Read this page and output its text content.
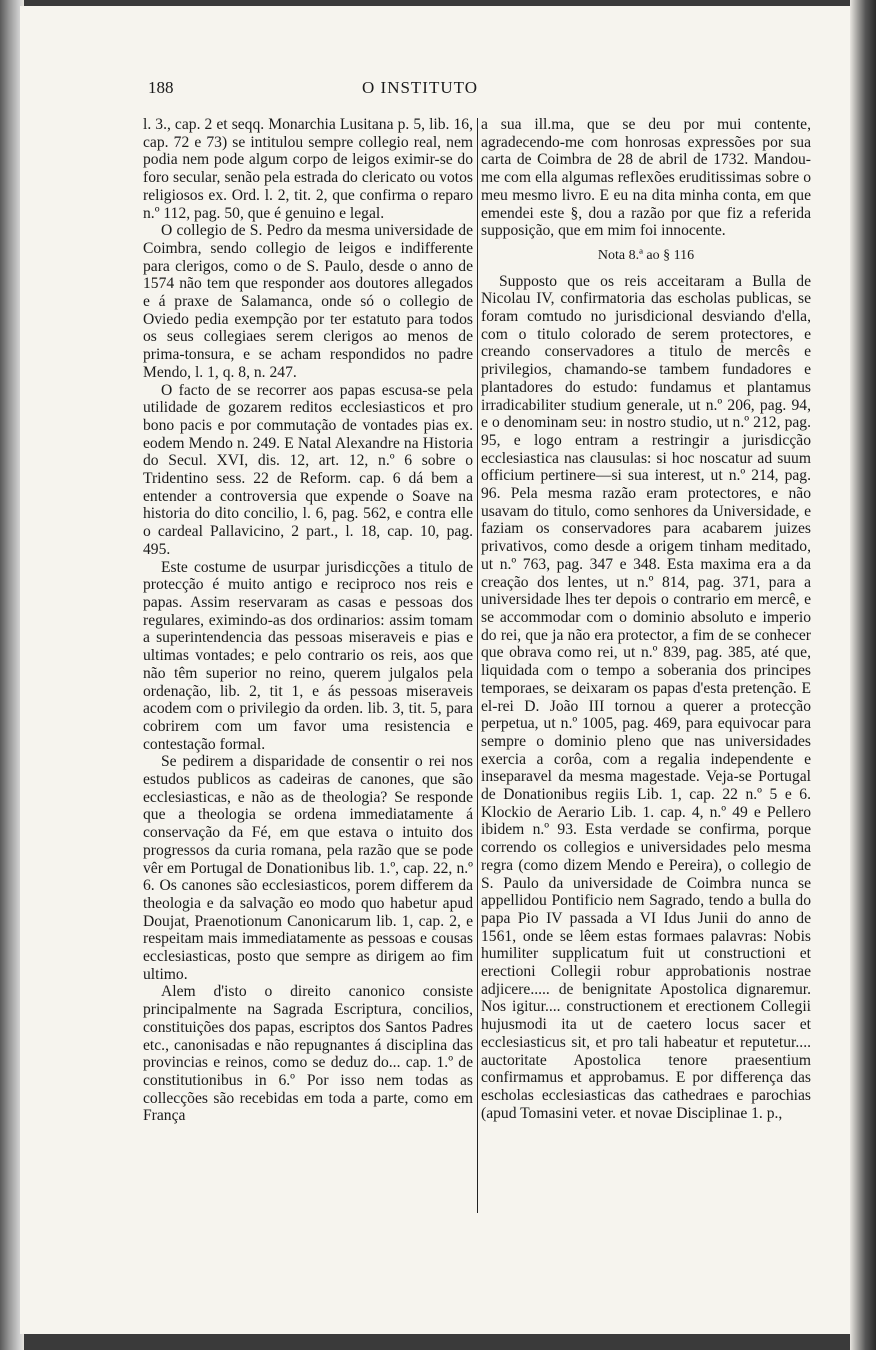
188	O INSTITUTO

l. 3., cap. 2 et seqq. Monarchia Lusitana p. 5, lib. 16, cap. 72 e 73) se intitulou sempre collegio real, nem podia nem pode algum corpo de leigos eximir-se do foro secular, senão pela estrada do clericato ou votos religiosos ex. Ord. l. 2, tit. 2, que confirma o reparo n.º 112, pag. 50, que é genuino e legal.

O collegio de S. Pedro da mesma universidade de Coimbra, sendo collegio de leigos e indifferente para clerigos, como o de S. Paulo, desde o anno de 1574 não tem que responder aos doutores allegados e á praxe de Salamanca, onde só o collegio de Oviedo pedia exempção por ter estatuto para todos os seus collegiaes serem clerigos ao menos de prima-tonsura, e se acham respondidos no padre Mendo, l. 1, q. 8, n. 247.

O facto de se recorrer aos papas escusa-se pela utilidade de gozarem reditos ecclesiasticos et pro bono pacis e por commutação de vontades pias ex. eodem Mendo n. 249. E Natal Alexandre na Historia do Secul. XVI, dis. 12, art. 12, n.º 6 sobre o Tridentino sess. 22 de Reform. cap. 6 dá bem a entender a controversia que expende o Soave na historia do dito concilio, l. 6, pag. 562, e contra elle o cardeal Pallavicino, 2 part., l. 18, cap. 10, pag. 495.

Este costume de usurpar jurisdicções a titulo de protecção é muito antigo e reciproco nos reis e papas. Assim reservaram as casas e pessoas dos regulares, eximindo-as dos ordinarios: assim tomam a superintendencia das pessoas miseraveis e pias e ultimas vontades; e pelo contrario os reis, aos que não têm superior no reino, querem julgalos pela ordenação, lib. 2, tit 1, e ás pessoas miseraveis acodem com o privilegio da orden. lib. 3, tit. 5, para cobrirem com um favor uma resistencia e contestação formal.

Se pedirem a disparidade de consentir o rei nos estudos publicos as cadeiras de canones, que são ecclesiasticas, e não as de theologia? Se responde que a theologia se ordena immediatamente á conservação da Fé, em que estava o intuito dos progressos da curia romana, pela razão que se pode vêr em Portugal de Donationibus lib. 1.º, cap. 22, n.º 6. Os canones são ecclesiasticos, porem differem da theologia e da salvação eo modo quo habetur apud Doujat, Praenotionum Canonicarum lib. 1, cap. 2, e respeitam mais immediatamente as pessoas e cousas ecclesiasticas, posto que sempre as dirigem ao fim ultimo.

Alem d'isto o direito canonico consiste principalmente na Sagrada Escriptura, concilios, constituições dos papas, escriptos dos Santos Padres etc., canonisadas e não repugnantes á disciplina das provincias e reinos, como se deduz do... cap. 1.º de constitutionibus in 6.º Por isso nem todas as collecções são recebidas em toda a parte, como em França

a sua ill.ma, que se deu por mui contente, agradecendo-me com honrosas expressões por sua carta de Coimbra de 28 de abril de 1732. Mandou-me com ella algumas reflexões eruditissimas sobre o meu mesmo livro. E eu na dita minha conta, em que emendei este §, dou a razão por que fiz a referida supposição, que em mim foi innocente.

Nota 8.ª ao § 116

Supposto que os reis acceitaram a Bulla de Nicolau IV, confirmatoria das escholas publicas, se foram comtudo no jurisdicional desviando d'ella, com o titulo colorado de serem protectores, e creando conservadores a titulo de mercês e privilegios, chamando-se tambem fundadores e plantadores do estudo: fundamus et plantamus irradicabiliter studium generale, ut n.º 206, pag. 94, e o denominam seu: in nostro studio, ut n.º 212, pag. 95, e logo entram a restringir a jurisdicção ecclesiastica nas clausulas: si hoc noscatur ad suum officium pertinere—si sua interest, ut n.º 214, pag. 96. Pela mesma razão eram protectores, e não usavam do titulo, como senhores da Universidade, e faziam os conservadores para acabarem juizes privativos, como desde a origem tinham meditado, ut n.º 763, pag. 347 e 348. Esta maxima era a da creação dos lentes, ut n.º 814, pag. 371, para a universidade lhes ter depois o contrario em mercê, e se accommodar com o dominio absoluto e imperio do rei, que ja não era protector, a fim de se conhecer que obrava como rei, ut n.º 839, pag. 385, até que, liquidada com o tempo a soberania dos principes temporaes, se deixaram os papas d'esta pretenção. E el-rei D. João III tornou a querer a protecção perpetua, ut n.º 1005, pag. 469, para equivocar para sempre o dominio pleno que nas universidades exercia a corôa, com a regalia independente e inseparavel da mesma magestade. Veja-se Portugal de Donationibus regiis Lib. 1, cap. 22 n.º 5 e 6. Klockio de Aerario Lib. 1. cap. 4, n.º 49 e Pellero ibidem n.º 93. Esta verdade se confirma, porque correndo os collegios e universidades pelo mesma regra (como dizem Mendo e Pereira), o collegio de S. Paulo da universidade de Coimbra nunca se appellidou Pontificio nem Sagrado, tendo a bulla do papa Pio IV passada a VI Idus Junii do anno de 1561, onde se lêem estas formaes palavras: Nobis humiliter supplicatum fuit ut constructioni et erectioni Collegii robur approbationis nostrae adjicere..... de benignitate Apostolica dignaremur. Nos igitur.... constructionem et erectionem Collegii hujusmodi ita ut de caetero locus sacer et ecclesiasticus sit, et pro tali habeatur et reputetur.... auctoritate Apostolica tenore praesentium confirmamus et approbamus. E por differença das escholas ecclesiasticas das cathedraes e parochias (apud Tomasini veter. et novae Disciplinae 1. p.,
